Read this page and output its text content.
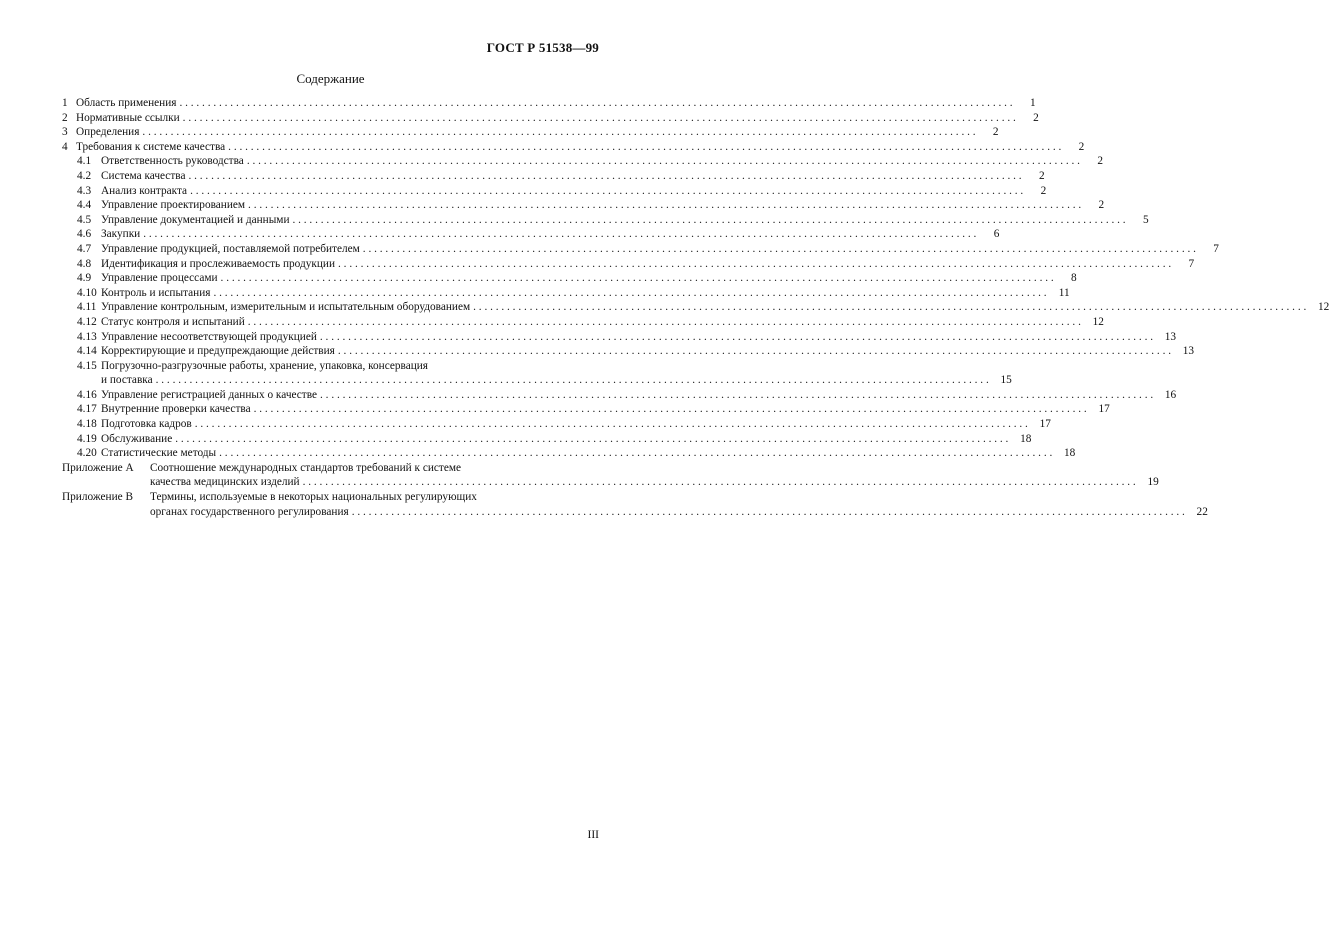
ГОСТ Р 51538—99
Содержание
1 Область применения . . .	1
2 Нормативные ссылки . . .	2
3 Определения . . .	2
4 Требования к системе качества . . .	2
4.1 Ответственность руководства . . .	2
4.2 Система качества . . .	2
4.3 Анализ контракта . . .	2
4.4 Управление проектированием . . .	2
4.5 Управление документацией и данными . . .	5
4.6 Закупки . . .	6
4.7 Управление продукцией, поставляемой потребителем . . .	7
4.8 Идентификация и прослеживаемость продукции . . .	7
4.9 Управление процессами . . .	8
4.10 Контроль и испытания . . .	11
4.11 Управление контрольным, измерительным и испытательным оборудованием . . .	12
4.12 Статус контроля и испытаний . . .	12
4.13 Управление несоответствующей продукцией . . .	13
4.14 Корректирующие и предупреждающие действия . . .	13
4.15 Погрузочно-разгрузочные работы, хранение, упаковка, консервация
и поставка . . .	15
4.16 Управление регистрацией данных о качестве . . .	16
4.17 Внутренние проверки качества . . .	17
4.18 Подготовка кадров . . .	17
4.19 Обслуживание . . .	18
4.20 Статистические методы . . .	18
Приложение А	Соотношение международных стандартов требований к системе
качества медицинских изделий . . .	19
Приложение В	Термины, используемые в некоторых национальных регулирующих
органах государственного регулирования . . .	22
III
